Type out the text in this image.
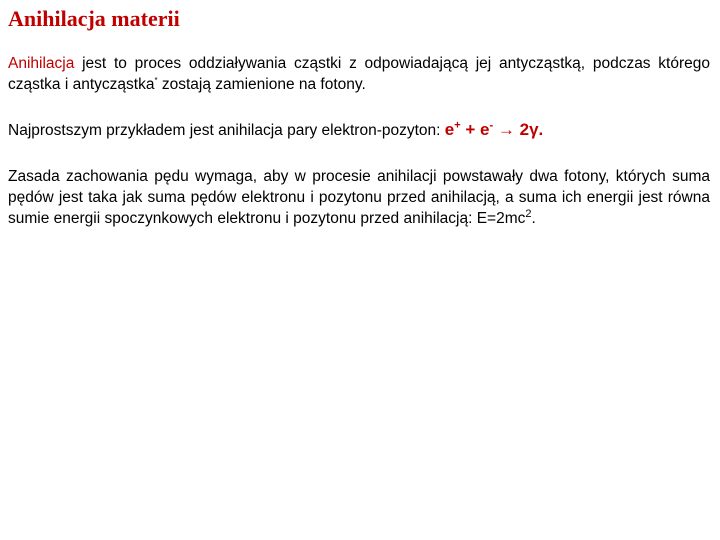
Anihilacja materii

Anihilacja jest to proces oddziaływania cząstki z odpowiadającą jej antycząstką, podczas którego cząstka i antycząstka* zostają zamienione na fotony.

Najprostszym przykładem jest anihilacja pary elektron-pozyton: e+ + e- → 2γ.

Zasada zachowania pędu wymaga, aby w procesie anihilacji powstawały dwa fotony, których suma pędów jest taka jak suma pędów elektronu i pozytonu przed anihilacją, a suma ich energii jest równa sumie energii spoczynkowych elektronu i pozytonu przed anihilacją: $E=2mc^2$.
